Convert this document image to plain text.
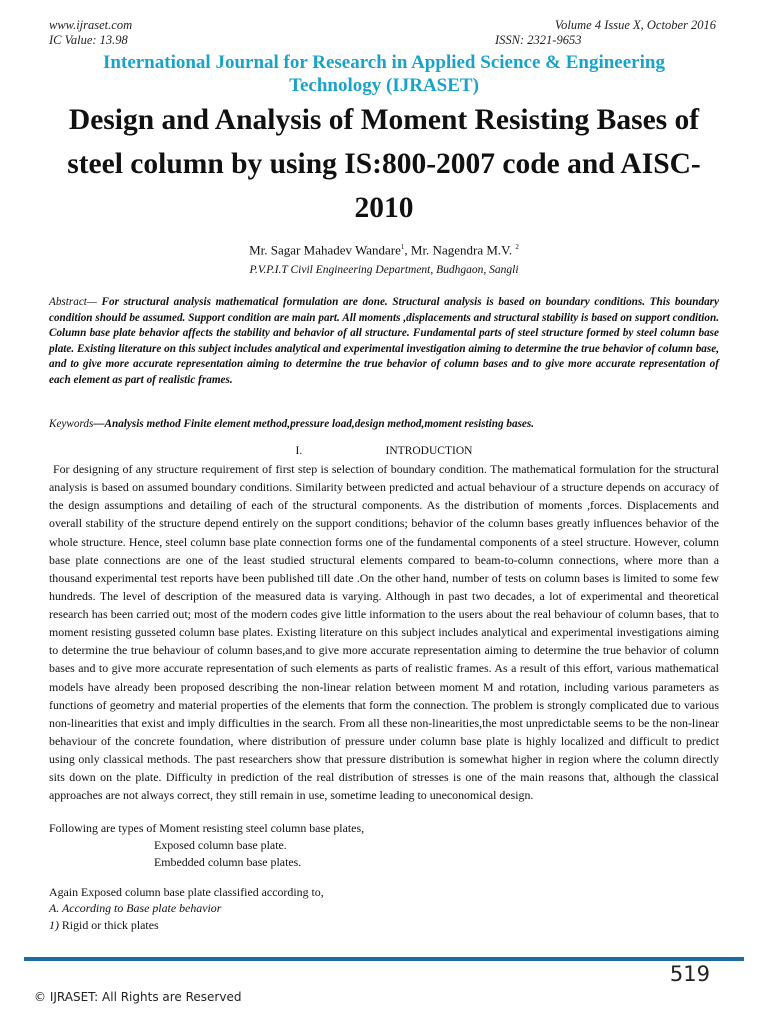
www.ijraset.com
IC Value: 13.98
Volume 4 Issue X, October 2016
ISSN: 2321-9653
International Journal for Research in Applied Science & Engineering
Technology (IJRASET)
Design and Analysis of Moment Resisting Bases of
steel column by using IS:800-2007 code and AISC-
2010
Mr. Sagar Mahadev Wandare$^1$, Mr. Nagendra M.V. $^2$
P.V.P.I.T Civil Engineering Department, Budhgaon, Sangli
Abstract— For structural analysis mathematical formulation are done. Structural analysis is based on boundary conditions. This boundary condition should be assumed. Support condition are main part. All moments ,displacements and structural stability is based on support condition. Column base plate behavior affects the stability and behavior of all structure. Fundamental parts of steel structure formed by steel column base plate. Existing literature on this subject includes analytical and experimental investigation aiming to determine the true behavior of column base, and to give more accurate representation aiming to determine the true behavior of column bases and to give more accurate representation of each element as part of realistic frames.
Keywords—Analysis method Finite element method,pressure load,design method,moment resisting bases.
I.	INTRODUCTION
For designing of any structure requirement of first step is selection of boundary condition. The mathematical formulation for the structural analysis is based on assumed boundary conditions. Similarity between predicted and actual behaviour of a structure depends on accuracy of the design assumptions and detailing of each of the structural components. As the distribution of moments ,forces. Displacements and overall stability of the structure depend entirely on the support conditions; behavior of the column bases greatly influences behavior of the whole structure. Hence, steel column base plate connection forms one of the fundamental components of a steel structure. However, column base plate connections are one of the least studied structural elements compared to beam-to-column connections, where more than a thousand experimental test reports have been published till date .On the other hand, number of tests on column bases is limited to some few hundreds. The level of description of the measured data is varying. Although in past two decades, a lot of experimental and theoretical research has been carried out; most of the modern codes give little information to the users about the real behaviour of column bases, that to moment resisting gusseted column base plates. Existing literature on this subject includes analytical and experimental investigations aiming to determine the true behaviour of column bases,and to give more accurate representation aiming to determine the true behavior of column bases and to give more accurate representation of such elements as parts of realistic frames. As a result of this effort, various mathematical models have already been proposed describing the non-linear relation between moment M and rotation, including various parameters as functions of geometry and material properties of the elements that form the connection. The problem is strongly complicated due to various non-linearities that exist and imply difficulties in the search. From all these non-linearities,the most unpredictable seems to be the non-linear behaviour of the concrete foundation, where distribution of pressure under column base plate is highly localized and difficult to predict using only classical methods. The past researchers show that pressure distribution is somewhat higher in region where the column directly sits down on the plate. Difficulty in prediction of the real distribution of stresses is one of the main reasons that, although the classical approaches are not always correct, they still remain in use, sometime leading to uneconomical design.
Following are types of Moment resisting steel column base plates,
Exposed column base plate.
Embedded column base plates.
Again Exposed column base plate classified according to,
A. According to Base plate behavior
1) Rigid or thick plates
519
© IJRASET: All Rights are Reserved
